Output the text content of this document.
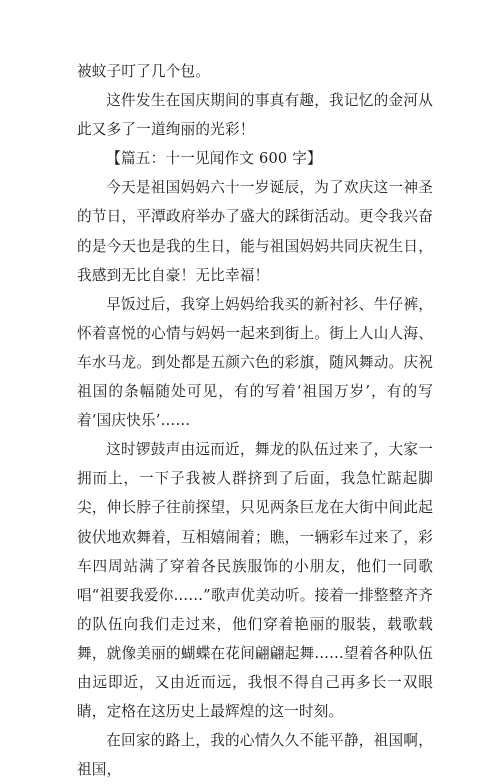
被蚊子叮了几个包。

这件发生在国庆期间的事真有趣，我记忆的金河从此又多了一道绚丽的光彩！

【篇五：十一见闻作文 600 字】

今天是祖国妈妈六十一岁诞辰，为了欢庆这一神圣的节日，平潭政府举办了盛大的踩街活动。更令我兴奋的是今天也是我的生日，能与祖国妈妈共同庆祝生日，我感到无比自豪！无比幸福！

早饭过后，我穿上妈妈给我买的新衬衫、牛仔裤，怀着喜悦的心情与妈妈一起来到街上。街上人山人海、车水马龙。到处都是五颜六色的彩旗，随风舞动。庆祝祖国的条幅随处可见，有的写着‘祖国万岁’，有的写着‘国庆快乐’……

这时锣鼓声由远而近，舞龙的队伍过来了，大家一拥而上，一下子我被人群挤到了后面，我急忙踮起脚尖，伸长脖子往前探望，只见两条巨龙在大街中间此起彼伏地欢舞着，互相嬉闹着；瞧，一辆彩车过来了，彩车四周站满了穿着各民族服饰的小朋友，他们一同歌唱“祖要我爱你……”歌声优美动听。接着一排整整齐齐的队伍向我们走过来，他们穿着艳丽的服装，载歌载舞，就像美丽的蝴蝶在花间翩翩起舞……望着各种队伍由远即近，又由近而远，我恨不得自己再多长一双眼睛，定格在这历史上最辉煌的这一时刻。

在回家的路上，我的心情久久不能平静，祖国啊，祖国，
